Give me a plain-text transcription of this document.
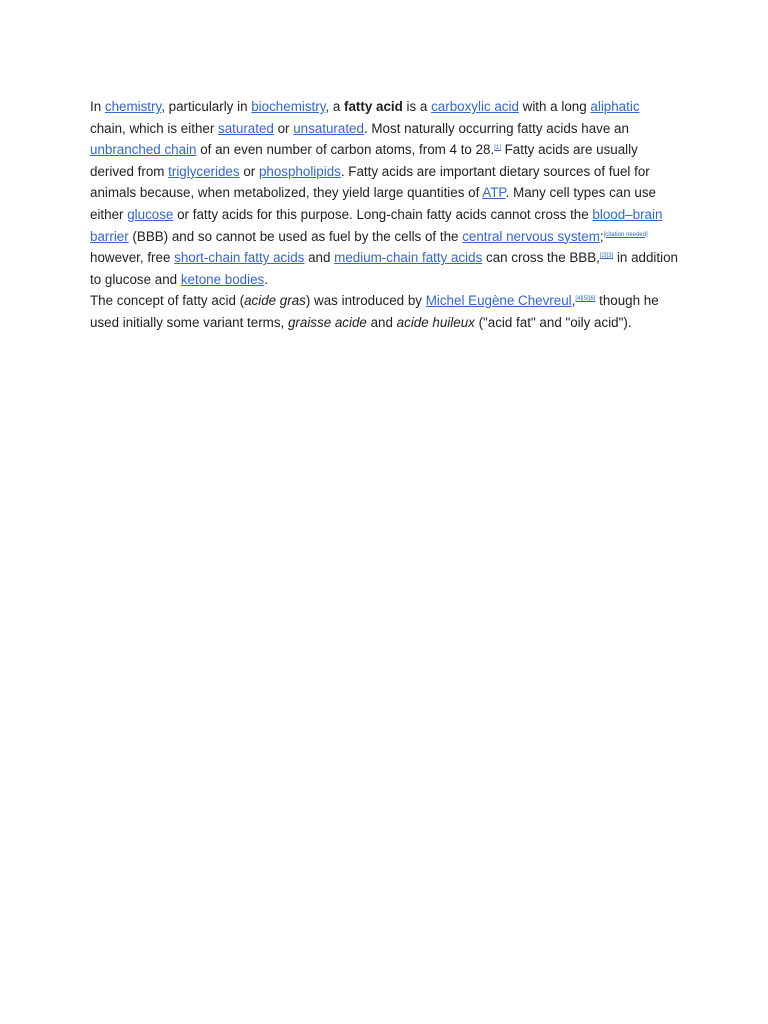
In chemistry, particularly in biochemistry, a fatty acid is a carboxylic acid with a long aliphatic chain, which is either saturated or unsaturated. Most naturally occurring fatty acids have an unbranched chain of an even number of carbon atoms, from 4 to 28.[1] Fatty acids are usually derived from triglycerides or phospholipids. Fatty acids are important dietary sources of fuel for animals because, when metabolized, they yield large quantities of ATP. Many cell types can use either glucose or fatty acids for this purpose. Long-chain fatty acids cannot cross the blood–brain barrier (BBB) and so cannot be used as fuel by the cells of the central nervous system;[citation needed] however, free short-chain fatty acids and medium-chain fatty acids can cross the BBB,[2][3] in addition to glucose and ketone bodies.

The concept of fatty acid (acide gras) was introduced by Michel Eugène Chevreul,[4][5][6] though he used initially some variant terms, graisse acide and acide huileux ("acid fat" and "oily acid").
